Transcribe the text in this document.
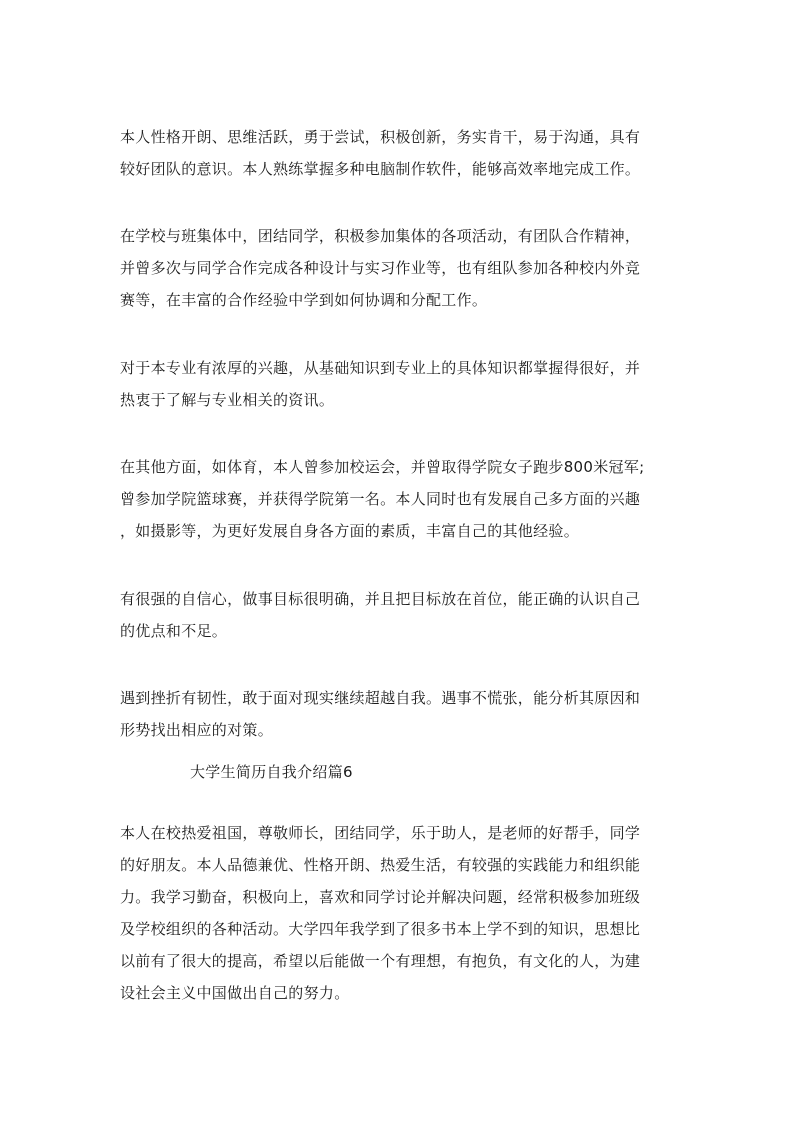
本人性格开朗、思维活跃，勇于尝试，积极创新，务实肯干，易于沟通，具有
较好团队的意识。本人熟练掌握多种电脑制作软件，能够高效率地完成工作。

在学校与班集体中，团结同学，积极参加集体的各项活动，有团队合作精神，
并曾多次与同学合作完成各种设计与实习作业等，也有组队参加各种校内外竞
赛等，在丰富的合作经验中学到如何协调和分配工作。

对于本专业有浓厚的兴趣，从基础知识到专业上的具体知识都掌握得很好，并
热衷于了解与专业相关的资讯。

在其他方面，如体育，本人曾参加校运会，并曾取得学院女子跑步800米冠军;
曾参加学院篮球赛，并获得学院第一名。本人同时也有发展自己多方面的兴趣
，如摄影等，为更好发展自身各方面的素质，丰富自己的其他经验。

有很强的自信心，做事目标很明确，并且把目标放在首位，能正确的认识自己
的优点和不足。

遇到挫折有韧性，敢于面对现实继续超越自我。遇事不慌张，能分析其原因和
形势找出相应的对策。

大学生简历自我介绍篇6

本人在校热爱祖国，尊敬师长，团结同学，乐于助人，是老师的好帮手，同学
的好朋友。本人品德兼优、性格开朗、热爱生活，有较强的实践能力和组织能
力。我学习勤奋，积极向上，喜欢和同学讨论并解决问题，经常积极参加班级
及学校组织的各种活动。大学四年我学到了很多书本上学不到的知识，思想比
以前有了很大的提高，希望以后能做一个有理想，有抱负，有文化的人，为建
设社会主义中国做出自己的努力。
